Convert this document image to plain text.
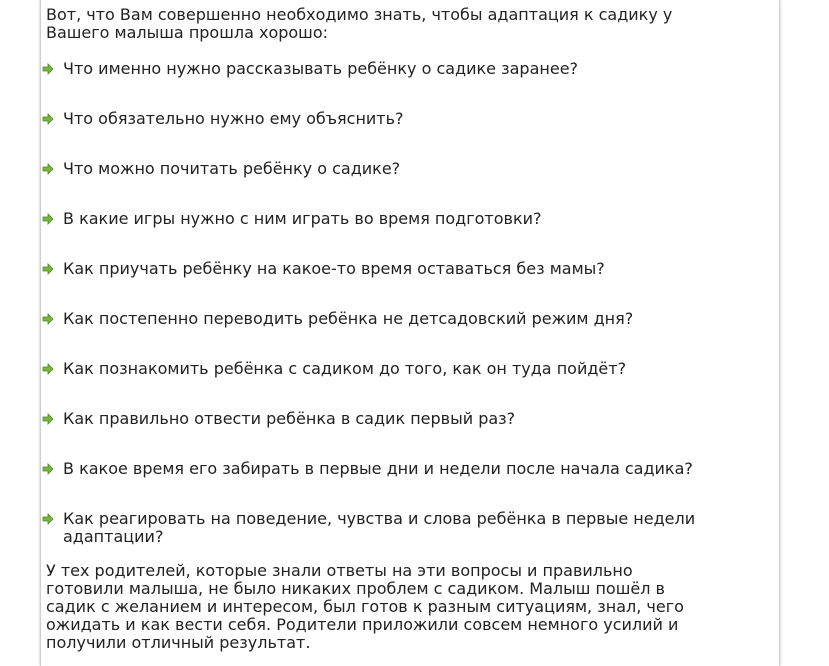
Вот, что Вам совершенно необходимо знать, чтобы адаптация к садику у Вашего малыша прошла хорошо:
Что именно нужно рассказывать ребёнку о садике заранее?
Что обязательно нужно ему объяснить?
Что можно почитать ребёнку о садике?
В какие игры нужно с ним играть во время подготовки?
Как приучать ребёнку на какое-то время оставаться без мамы?
Как постепенно переводить ребёнка не детсадовский режим дня?
Как познакомить ребёнка с садиком до того, как он туда пойдёт?
Как правильно отвести ребёнка в садик первый раз?
В какое время его забирать в первые дни и недели после начала садика?
Как реагировать на поведение, чувства и слова ребёнка в первые недели адаптации?
У тех родителей, которые знали ответы на эти вопросы и правильно готовили малыша, не было никаких проблем с садиком. Малыш пошёл в садик с желанием и интересом, был готов к разным ситуациям, знал, чего ожидать и как вести себя. Родители приложили совсем немного усилий и получили отличный результат.
